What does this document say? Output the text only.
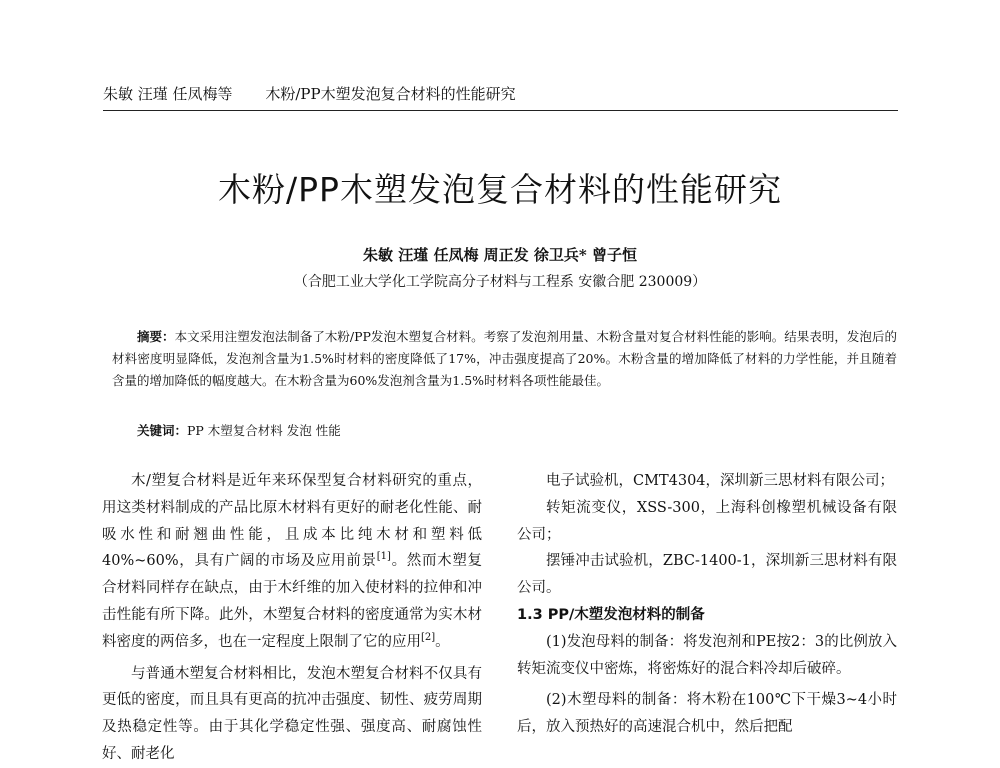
朱敏 汪瑾 任凤梅等 木粉/PP木塑发泡复合材料的性能研究
木粉/PP木塑发泡复合材料的性能研究
朱敏 汪瑾 任凤梅 周正发 徐卫兵* 曾子恒
（合肥工业大学化工学院高分子材料与工程系 安徽合肥 230009）
摘要：本文采用注塑发泡法制备了木粉/PP发泡木塑复合材料。考察了发泡剂用量、木粉含量对复合材料性能的影响。结果表明，发泡后的材料密度明显降低，发泡剂含量为1.5%时材料的密度降低了17%，冲击强度提高了20%。木粉含量的增加降低了材料的力学性能，并且随着含量的增加降低的幅度越大。在木粉含量为60%发泡剂含量为1.5%时材料各项性能最佳。
关键词：PP 木塑复合材料 发泡 性能

木/塑复合材料是近年来环保型复合材料研究的重点，用这类材料制成的产品比原木材料有更好的耐老化性能、耐吸水性和耐翘曲性能，且成本比纯木材和塑料低40%~60%，具有广阔的市场及应用前景[1]。然而木塑复合材料同样存在缺点，由于木纤维的加入使材料的拉伸和冲击性能有所下降。此外，木塑复合材料的密度通常为实木材料密度的两倍多，也在一定程度上限制了它的应用[2]。

与普通木塑复合材料相比，发泡木塑复合材料不仅具有更低的密度，而且具有更高的抗冲击强度、韧性、疲劳周期及热稳定性等。由于其化学稳定性强、强度高、耐腐蚀性好、耐老化

电子试验机，CMT4304，深圳新三思材料有限公司；

转矩流变仪，XSS-300，上海科创橡塑机械设备有限公司；

摆锤冲击试验机，ZBC-1400-1，深圳新三思材料有限公司。

1.3 PP/木塑发泡材料的制备

(1)发泡母料的制备：将发泡剂和PE按2：3的比例放入转矩流变仪中密炼，将密炼好的混合料冷却后破碎。

(2)木塑母料的制备：将木粉在100℃下干燥3~4小时后，放入预热好的高速混合机中，然后把配
